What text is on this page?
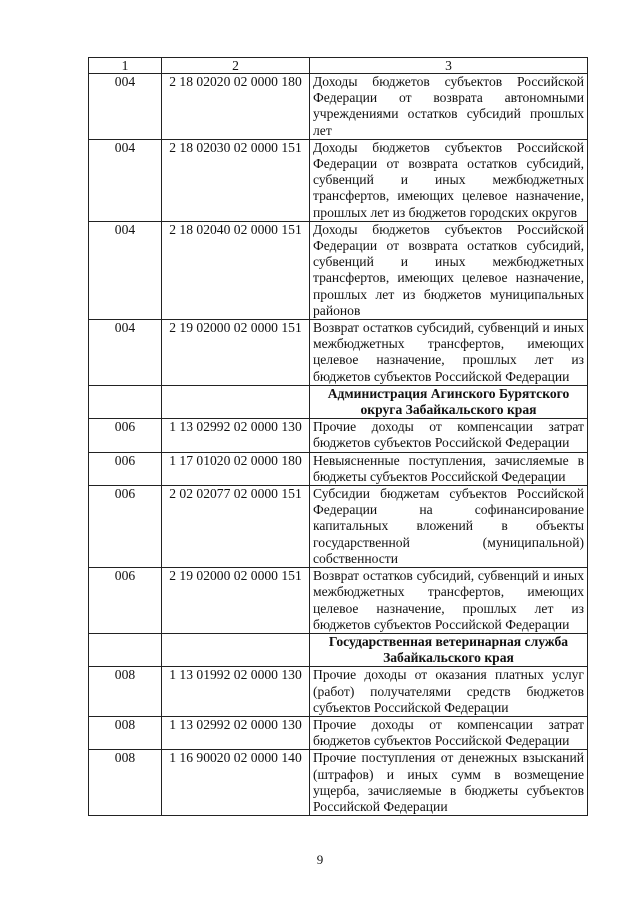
1	2	3
004	2 18 02020 02 0000 180	Доходы бюджетов субъектов Российской Федерации от возврата автономными учреждениями остатков субсидий прошлых лет
004	2 18 02030 02 0000 151	Доходы бюджетов субъектов Российской Федерации от возврата остатков субсидий, субвенций и иных межбюджетных трансфертов, имеющих целевое назначение, прошлых лет из бюджетов городских округов
004	2 18 02040 02 0000 151	Доходы бюджетов субъектов Российской Федерации от возврата остатков субсидий, субвенций и иных межбюджетных трансфертов, имеющих целевое назначение, прошлых лет из бюджетов муниципальных районов
004	2 19 02000 02 0000 151	Возврат остатков субсидий, субвенций и иных межбюджетных трансфертов, имеющих целевое назначение, прошлых лет из бюджетов субъектов Российской Федерации
		Администрация Агинского Бурятского округа Забайкальского края
006	1 13 02992 02 0000 130	Прочие доходы от компенсации затрат бюджетов субъектов Российской Федерации
006	1 17 01020 02 0000 180	Невыясненные поступления, зачисляемые в бюджеты субъектов Российской Федерации
006	2 02 02077 02 0000 151	Субсидии бюджетам субъектов Российской Федерации на софинансирование капитальных вложений в объекты государственной (муниципальной) собственности
006	2 19 02000 02 0000 151	Возврат остатков субсидий, субвенций и иных межбюджетных трансфертов, имеющих целевое назначение, прошлых лет из бюджетов субъектов Российской Федерации
		Государственная ветеринарная служба Забайкальского края
008	1 13 01992 02 0000 130	Прочие доходы от оказания платных услуг (работ) получателями средств бюджетов субъектов Российской Федерации
008	1 13 02992 02 0000 130	Прочие доходы от компенсации затрат бюджетов субъектов Российской Федерации
008	1 16 90020 02 0000 140	Прочие поступления от денежных взысканий (штрафов) и иных сумм в возмещение ущерба, зачисляемые в бюджеты субъектов Российской Федерации
9
